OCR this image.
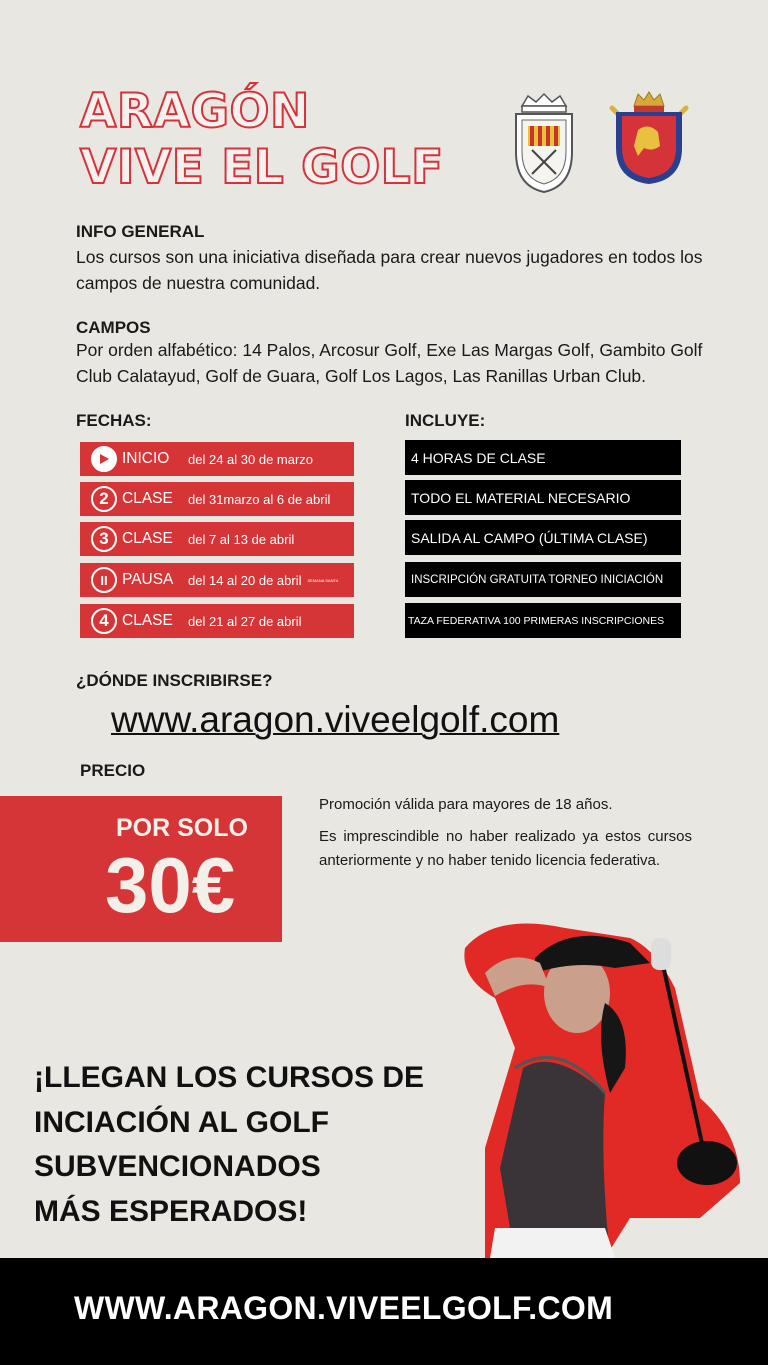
ARAGÓN
VIVE EL GOLF
INFO GENERAL
Los cursos son una iniciativa diseñada para crear nuevos jugadores en todos los campos de nuestra comunidad.
CAMPOS
Por orden alfabético: 14 Palos, Arcosur Golf, Exe Las Margas Golf, Gambito Golf Club Calatayud, Golf de Guara, Golf Los Lagos, Las Ranillas Urban Club.
FECHAS:
INICIO	del 24 al 30 de marzo
2 CLASE	del 31marzo al 6 de abril
3 CLASE	del 7 al 13 de abril
II PAUSA	del 14 al 20 de abril SEMANA SANTA
4 CLASE	del 21 al 27 de abril
INCLUYE:
4 HORAS DE CLASE
TODO EL MATERIAL NECESARIO
SALIDA AL CAMPO (ÚLTIMA CLASE)
INSCRIPCIÓN GRATUITA TORNEO INICIACIÓN
TAZA FEDERATIVA 100 PRIMERAS INSCRIPCIONES
¿DÓNDE INSCRIBIRSE?
www.aragon.viveelgolf.com
PRECIO
POR SOLO
30€
Promoción válida para mayores de 18 años.
Es imprescindible no haber realizado ya estos cursos anteriormente y no haber tenido licencia federativa.
¡LLEGAN LOS CURSOS DE
INCIACIÓN AL GOLF
SUBVENCIONADOS
MÁS ESPERADOS!
WWW.ARAGON.VIVEELGOLF.COM
